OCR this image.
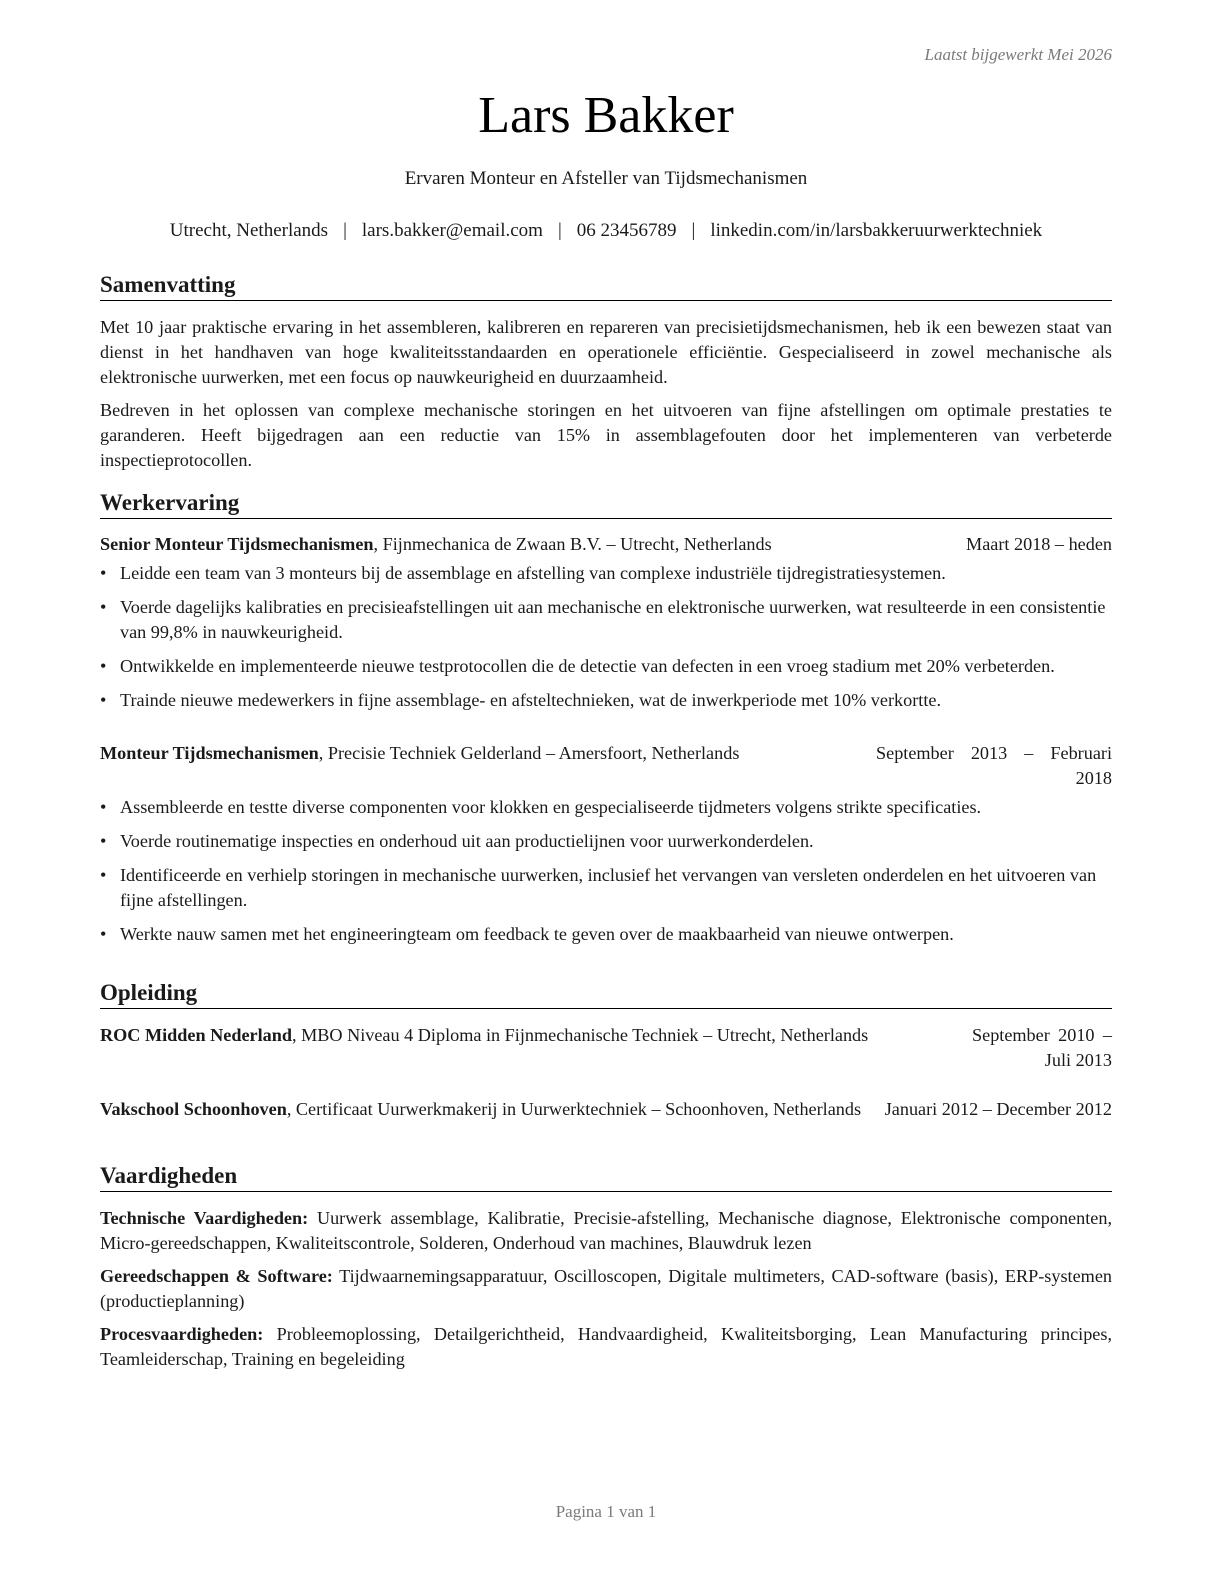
Laatst bijgewerkt Mei 2026
Lars Bakker
Ervaren Monteur en Afsteller van Tijdsmechanismen
Utrecht, Netherlands | lars.bakker@email.com | 06 23456789 | linkedin.com/in/larsbakkeruurwerktechniek
Samenvatting

Met 10 jaar praktische ervaring in het assembleren, kalibreren en repareren van precisietijdsmechanismen, heb ik een bewezen staat van dienst in het handhaven van hoge kwaliteitsstandaarden en operationele efficiëntie. Gespecialiseerd in zowel mechanische als elektronische uurwerken, met een focus op nauwkeurigheid en duurzaamheid.

Bedreven in het oplossen van complexe mechanische storingen en het uitvoeren van fijne afstellingen om optimale prestaties te garanderen. Heeft bijgedragen aan een reductie van 15% in assemblagefouten door het implementeren van verbeterde inspectieprotocollen.

Werkervaring
Senior Monteur Tijdsmechanismen, Fijnmechanica de Zwaan B.V. – Utrecht, Netherlands	Maart 2018 – heden
• Leidde een team van 3 monteurs bij de assemblage en afstelling van complexe industriële tijdregistratiesystemen.
• Voerde dagelijks kalibraties en precisieafstellingen uit aan mechanische en elektronische uurwerken, wat resulteerde in een consistentie van 99,8% in nauwkeurigheid.
• Ontwikkelde en implementeerde nieuwe testprotocollen die de detectie van defecten in een vroeg stadium met 20% verbeterden.
• Trainde nieuwe medewerkers in fijne assemblage- en afsteltechnieken, wat de inwerkperiode met 10% verkortte.
Monteur Tijdsmechanismen, Precisie Techniek Gelderland – Amersfoort, Netherlands	September 2013 – Februari 2018
• Assembleerde en testte diverse componenten voor klokken en gespecialiseerde tijdmeters volgens strikte specificaties.
• Voerde routinematige inspecties en onderhoud uit aan productielijnen voor uurwerkonderdelen.
• Identificeerde en verhielp storingen in mechanische uurwerken, inclusief het vervangen van versleten onderdelen en het uitvoeren van fijne afstellingen.
• Werkte nauw samen met het engineeringteam om feedback te geven over de maakbaarheid van nieuwe ontwerpen.
Opleiding
ROC Midden Nederland, MBO Niveau 4 Diploma in Fijnmechanische Techniek – Utrecht, Netherlands	September 2010 – Juli 2013
Vakschool Schoonhoven, Certificaat Uurwerkmakerij in Uurwerktechniek – Schoonhoven, Netherlands	Januari 2012 – December 2012
Vaardigheden

Technische Vaardigheden: Uurwerk assemblage, Kalibratie, Precisie-afstelling, Mechanische diagnose, Elektronische componenten, Micro-gereedschappen, Kwaliteitscontrole, Solderen, Onderhoud van machines, Blauwdruk lezen

Gereedschappen & Software: Tijdwaarnemingsapparatuur, Oscilloscopen, Digitale multimeters, CAD-software (basis), ERP-systemen (productieplanning)

Procesvaardigheden: Probleemoplossing, Detailgerichtheid, Handvaardigheid, Kwaliteitsborging, Lean Manufacturing principes, Teamleiderschap, Training en begeleiding

Pagina 1 van 1
